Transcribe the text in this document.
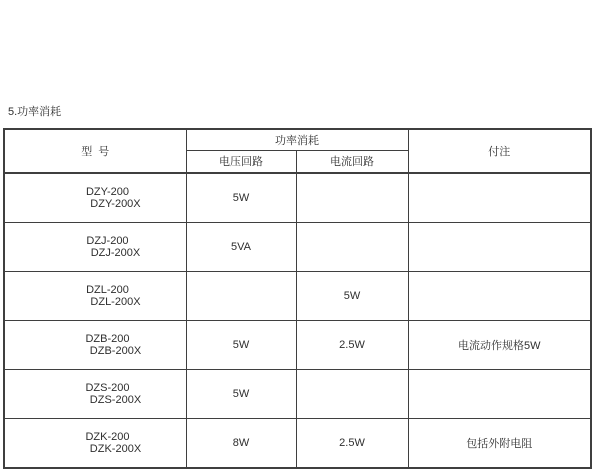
5.功率消耗
型  号	功率消耗		付注
	电压回路	电流回路	

DZY-200
DZY-200X	5W		

DZJ-200
DZJ-200X	5VA		

DZL-200
DZL-200X		5W	

DZB-200
DZB-200X	5W	2.5W	电流动作规格5W

DZS-200
DZS-200X	5W		

DZK-200
DZK-200X	8W	2.5W	包括外附电阻
